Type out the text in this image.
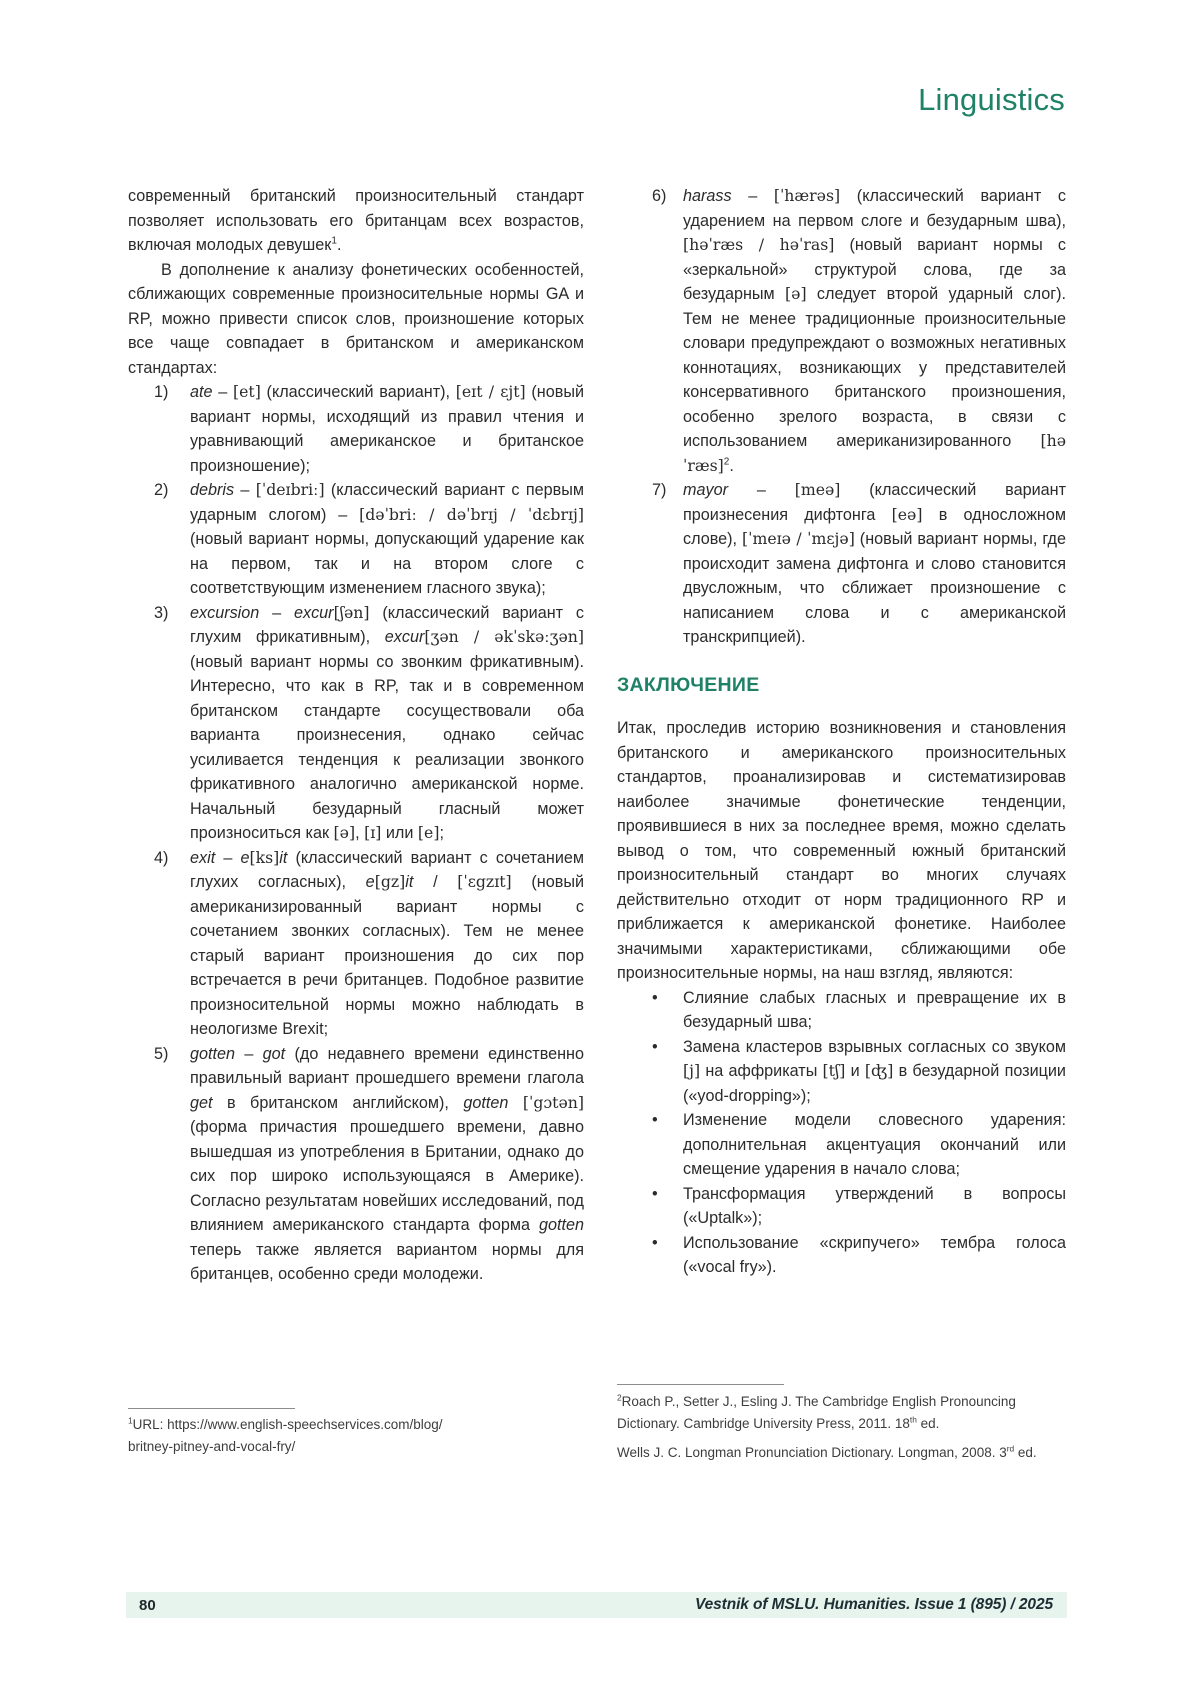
Linguistics

современный британский произносительный стандарт позволяет использовать его британцам всех возрастов, включая молодых девушек$^1$.

В дополнение к анализу фонетических особенностей, сближающих современные произносительные нормы GA и RP, можно привести список слов, произношение которых все чаще совпадает в британском и американском стандартах:

1)	ate – [et] (классический вариант), [eɪt / ɛjt] (новый вариант нормы, исходящий из правил чтения и уравнивающий американское и британское произношение);
2)	debris – [ˈdeɪbriː] (классический вариант с первым ударным слогом) – [dəˈbriː / dəˈbrɪj / ˈdɛbrɪj] (новый вариант нормы, допускающий ударение как на первом, так и на втором слоге с соответствующим изменением гласного звука);
3)	excursion – excur[ʃən] (классический вариант с глухим фрикативным), excur[ʒən / əkˈskəːʒən] (новый вариант нормы со звонким фрикативным). Интересно, что как в RP, так и в современном британском стандарте сосуществовали оба варианта произнесения, однако сейчас усиливается тенденция к реализации звонкого фрикативного аналогично американской норме. Начальный безударный гласный может произноситься как [ə], [ɪ] или [e];
4)	exit – e[ks]it (классический вариант с сочетанием глухих согласных), e[gz]it / [ˈɛgzɪt] (новый американизированный вариант нормы с сочетанием звонких согласных). Тем не менее старый вариант произношения до сих пор встречается в речи британцев. Подобное развитие произносительной нормы можно наблюдать в неологизме Brexit;
5)	gotten – got (до недавнего времени единственно правильный вариант прошедшего времени глагола get в британском английском), gotten [ˈgɔtən] (форма причастия прошедшего времени, давно вышедшая из употребления в Британии, однако до сих пор широко использующаяся в Америке). Согласно результатам новейших исследований, под влиянием американского стандарта форма gotten теперь также является вариантом нормы для британцев, особенно среди молодежи.
6)	harass – [ˈhærəs] (классический вариант с ударением на первом слоге и безударным шва), [həˈræs / həˈras] (новый вариант нормы с «зеркальной» структурой слова, где за безударным [ə] следует второй ударный слог). Тем не менее традиционные произносительные словари предупреждают о возможных негативных коннотациях, возникающих у представителей консервативного британского произношения, особенно зрелого возраста, в связи с использованием американизированного [həˈræs]$^2$.
7)	mayor – [meə] (классический вариант произнесения дифтонга [eə] в односложном слове), [ˈmeɪə / ˈmɛjə] (новый вариант нормы, где происходит замена дифтонга и слово становится двусложным, что сближает произношение с написанием слова и с американской транскрипцией).
ЗАКЛЮЧЕНИЕ

Итак, проследив историю возникновения и становления британского и американского произносительных стандартов, проанализировав и систематизировав наиболее значимые фонетические тенденции, проявившиеся в них за последнее время, можно сделать вывод о том, что современный южный британский произносительный стандарт во многих случаях действительно отходит от норм традиционного RP и приближается к американской фонетике. Наиболее значимыми характеристиками, сближающими обе произносительные нормы, на наш взгляд, являются:

•	Слияние слабых гласных и превращение их в безударный шва;
•	Замена кластеров взрывных согласных со звуком [j] на аффрикаты [tʃ] и [ʤ] в безударной позиции («yod-dropping»);
•	Изменение модели словесного ударения: дополнительная акцентуация окончаний или смещение ударения в начало слова;
•	Трансформация утверждений в вопросы («Uptalk»);
•	Использование «скрипучего» тембра голоса («vocal fry»).

$^1$URL: https://www.english-speechservices.com/blog/

britney-pitney-and-vocal-fry/

$^2$Roach P., Setter J., Esling J. The Cambridge English Pronouncing Dictionary. Cambridge University Press, 2011. 18th ed.

Wells J. C. Longman Pronunciation Dictionary. Longman, 2008. 3rd ed.

80	Vestnik of MSLU. Humanities. Issue 1 (895) / 2025
